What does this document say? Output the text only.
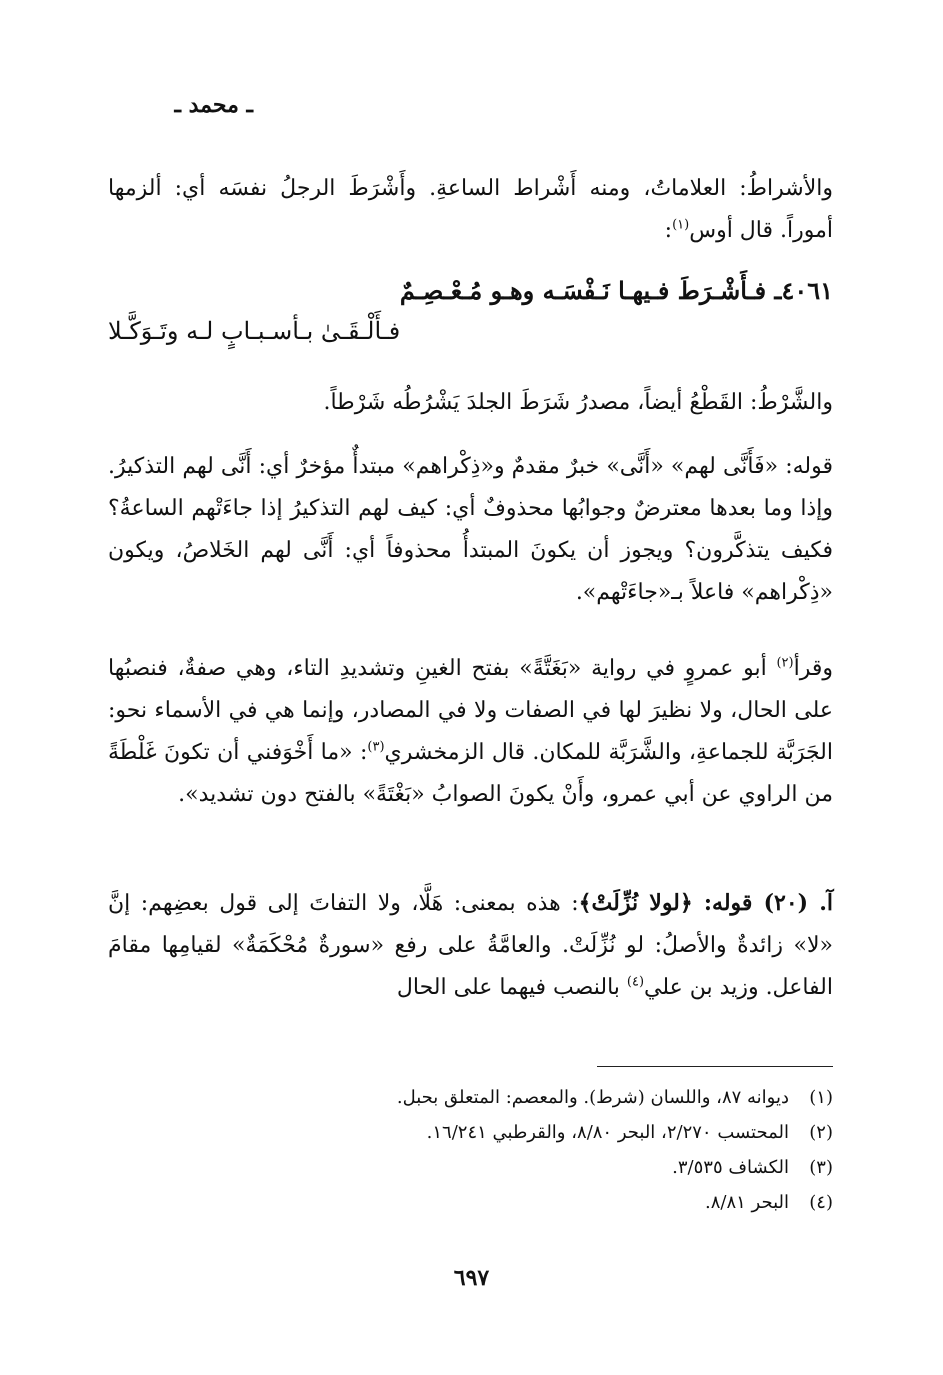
ـ محمد ـ
والأشراطُ: العلاماتُ، ومنه أَشْراط الساعةِ. وأَشْرَطَ الرجلُ نفسَه أي: ألزمها أموراً. قال أوس$^{(١)}$:
٤٠٦١ـ فـأَشْـرَطَ فـيهـا نَـفْسَـه وهـو مُـعْـصِـمٌ
فـأَلْـقَـىٰ بـأسـبـابٍ لـه وتَـوَكَّـلا
والشَّرْطُ: القَطْعُ أيضاً، مصدرُ شَرَطَ الجلدَ يَشْرُطُه شَرْطاً.
قوله: «فَأَنَّى لهم» «أَنَّى» خبرٌ مقدمٌ و«ذِكْراهم» مبتدأٌ مؤخرٌ أي: أَنَّى لهم التذكيرُ. وإذا وما بعدها معترضٌ وجوابُها محذوفٌ أي: كيف لهم التذكيرُ إذا جاءَتْهم الساعةُ؟ فكيف يتذكَّرون؟ ويجوز أن يكونَ المبتدأُ محذوفاً أي: أَنَّى لهم الخَلاصُ، ويكون «ذِكْراهم» فاعلاً بـ«جاءَتْهم».
وقرأ$^{(٢)}$ أبو عمروٍ في رواية «بَغَتَّةً» بفتح الغينِ وتشديدِ التاء، وهي صفةٌ، فنصبُها على الحال، ولا نظيرَ لها في الصفات ولا في المصادر، وإنما هي في الأسماء نحو: الجَرَبَّة للجماعةِ، والشَّرَبَّة للمكان. قال الزمخشري$^{(٣)}$: «ما أَخْوَفني أن تكونَ غَلْطَةً من الراوي عن أبي عمرو، وأَنْ يكونَ الصوابُ «بَغْتَةً» بالفتح دون تشديد».
آ. (٢٠) قوله: ﴿لولا نُزِّلَتْ﴾: هذه بمعنى: هَلَّا، ولا التفاتَ إلى قول بعضِهم: إنَّ «لا» زائدةٌ والأصلُ: لو نُزِّلَتْ. والعامَّةُ على رفع «سورةٌ مُحْكَمَةٌ» لقيامِها مقامَ الفاعل. وزيد بن علي$^{(٤)}$ بالنصب فيهما على الحال
(١)ديوانه ٨٧، واللسان (شرط). والمعصم: المتعلق بحبل.
(٢)المحتسب ٢/٢٧٠، البحر ٨/٨٠، والقرطبي ١٦/٢٤١.
(٣)الكشاف ٣/٥٣٥.
(٤)البحر ٨/٨١.
٦٩٧
